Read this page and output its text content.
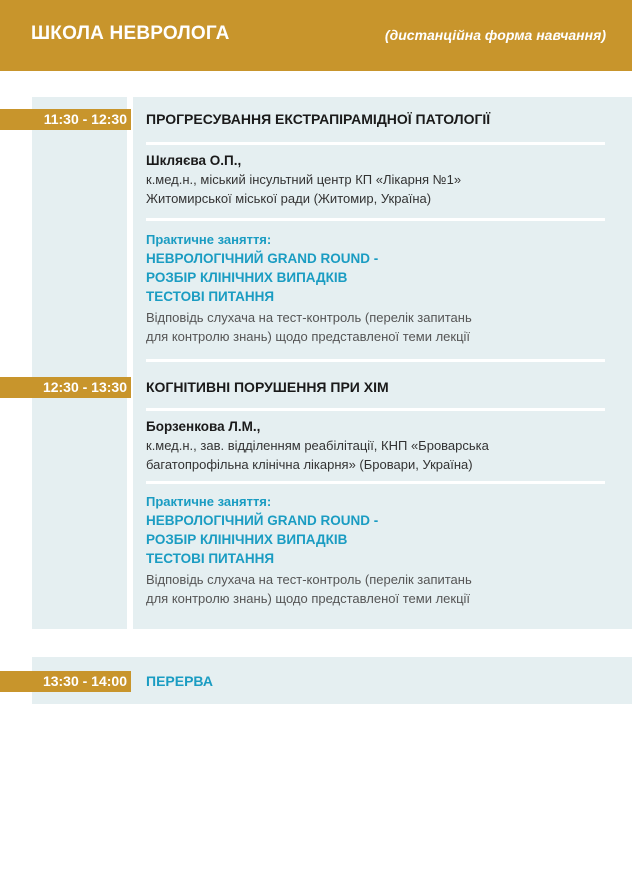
ШКОЛА НЕВРОЛОГА	(дистанційна форма навчання)
11:30 - 12:30 ПРОГРЕСУВАННЯ ЕКСТРАПІРАМІДНОЇ ПАТОЛОГІЇ
Шкляєва О.П.,
к.мед.н., міський інсультний центр КП «Лікарня №1»
Житомирської міської ради (Житомир, Україна)
Практичне заняття:
НЕВРОЛОГІЧНИЙ GRAND ROUND -
РОЗБІР КЛІНІЧНИХ ВИПАДКІВ
ТЕСТОВІ ПИТАННЯ
Відповідь слухача на тест-контроль (перелік запитань
для контролю знань) щодо представленої теми лекції
12:30 - 13:30 КОГНІТИВНІ ПОРУШЕННЯ ПРИ ХІМ
Борзенкова Л.М.,
к.мед.н., зав. відділенням реабілітації, КНП «Броварська
багатопрофільна клінічна лікарня» (Бровари, Україна)
Практичне заняття:
НЕВРОЛОГІЧНИЙ GRAND ROUND -
РОЗБІР КЛІНІЧНИХ ВИПАДКІВ
ТЕСТОВІ ПИТАННЯ
Відповідь слухача на тест-контроль (перелік запитань
для контролю знань) щодо представленої теми лекції
13:30 - 14:00 ПЕРЕРВА
